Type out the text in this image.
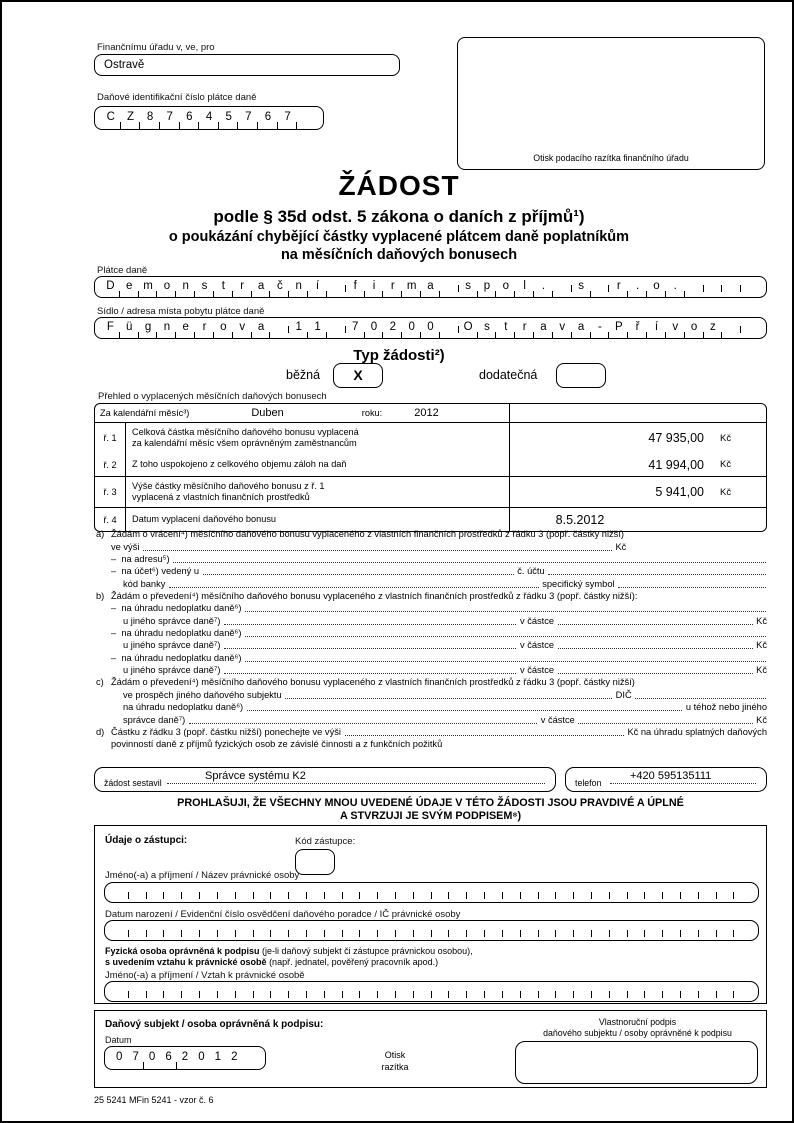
Finančnímu úřadu v, ve, pro
Ostravě
Daňové identifikační číslo plátce daně
C	Z	8	7	6	4	5	7	6	7
Otisk podacího razítka finančního úřadu
ŽÁDOST
podle § 35d odst. 5 zákona o daních z příjmů¹)
o poukázání chybějící částky vyplacené plátcem daně poplatníkům
na měsíčních daňových bonusech
Plátce daně
D e m o	n	s	t	r	a	č	n	í	f	i	r	m a	s	p	o	l	.	s	r	.	o	.
Sídlo / adresa místa pobytu plátce daně
F	ü	g	n	e	r	o	v	a	1	1	7	0	2	0	0	O s	t	r	a	v	a	-	P	ř	í	v	o	z
Typ žádosti²)
běžná	X	dodatečná
Přehled o vyplacených měsíčních daňových bonusech
Za kalendářní měsíc³)	Duben	roku:	2012
ř. 1
Celková částka měsíčního daňového bonusu vyplacená
za kalendářní měsíc všem oprávněným zaměstnancům	47 935,00	Kč
ř. 2	Z toho uspokojeno z celkového objemu záloh na daň	41 994,00	Kč
ř. 3
Výše částky měsíčního daňového bonusu z ř. 1
vyplacená z vlastních finančních prostředků	5 941,00	Kč
ř. 4	Datum vyplacení daňového bonusu	8.5.2012
a) Žádám o vrácení⁴) měsíčního daňového bonusu vyplaceného z vlastních finančních prostředků z řádku 3 (popř. částky nižší)
ve výši	Kč
–  na adresu⁵)
–  na účet⁶) vedený u	č. účtu
kód banky	specifický symbol
b) Žádám o převedení⁴) měsíčního daňového bonusu vyplaceného z vlastních finančních prostředků z řádku 3 (popř. částky nižší):
–  na úhradu nedoplatku daně⁶)
u jiného správce daně⁷)	v částce	Kč
–  na úhradu nedoplatku daně⁶)
u jiného správce daně⁷)	v částce	Kč
–  na úhradu nedoplatku daně⁶)
u jiného správce daně⁷)	v částce	Kč
c) Žádám o převedení⁴) měsíčního daňového bonusu vyplaceného z vlastních finančních prostředků z řádku 3 (popř. částky nižší)
ve prospěch jiného daňového subjektu	DIČ
na úhradu nedoplatku daně⁶)	u téhož nebo jiného
správce daně⁷)	v částce	Kč
d) Částku z řádku 3 (popř. částku nižší) ponechejte ve výši	Kč na úhradu splatných daňových
povinností daně z příjmů fyzických osob ze závislé činnosti a z funkčních požitků
žádost sestavil
Správce systému K2
telefon
+420 595135111
PROHLAŠUJI, ŽE VŠECHNY MNOU UVEDENÉ ÚDAJE V TÉTO ŽÁDOSTI JSOU PRAVDIVÉ A ÚPLNÉ
A STVRZUJI JE SVÝM PODPISEM⁸)
Údaje o zástupci:	Kód zástupce:
Jméno(-a) a příjmení / Název právnické osoby
Datum narození / Evidenční číslo osvědčení daňového poradce / IČ právnické osoby
Fyzická osoba oprávněná k podpisu (je-li daňový subjekt či zástupce právnickou osobou),
s uvedením vztahu k právnické osobě (např. jednatel, pověřený pracovník apod.)
Jméno(-a) a příjmení / Vztah k právnické osobě
Daňový subjekt / osoba oprávněná k podpisu:
Datum
0 7 0 6 2 0 1 2	Otisk
razítka
Vlastnoruční podpis
daňového subjektu / osoby oprávněné k podpisu
25 5241 MFin 5241 - vzor č. 6
